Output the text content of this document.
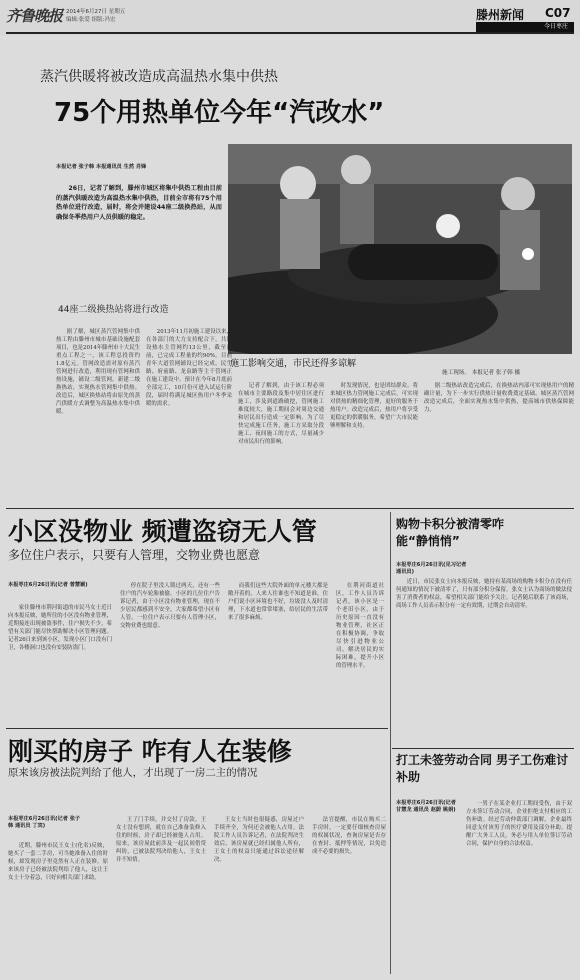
齐鲁晚报 2014年6月27日 星期五
编辑:张爱 组版:冯宏	滕州新闻 C07
今日枣庄
蒸汽供暖将被改造成高温热水集中供热
75个用热单位今年“汽改水”
本报记者 张子韩 本报通讯员 生然 肖锋
26日，记者了解到，滕州市城区将集中供热工程由目前的蒸汽供暖改造为高温热水集中供热，目前全市将有75个用热单位进行改造，届时，将会并建设44座二级换热站，从而确保冬季热用户人员供暖的稳定。
44座二级换热站将进行改造
施工影响交通，市民还得多谅解
施工现场。 本报记者 张子韩 摄
据了解，城区蒸汽管网集中供热工程由滕州市城市基础设施配套项目，也是2014年滕州市十大民生重点工程之一，该工程总投资约1.8亿元。管网改造需对原有蒸汽管网进行改造，利用现有管网和供热设施，铺设二级管网，新建二级换热站，实现热水管网集中供热。改造后，城区换热站将由原先的蒸汽供暖方式调整为高温热水集中供暖。
2013年11月初施工建设以来，在各部门的大力支持配合下，共铺设热水主管网约13公里，截至目前，已完成工程量的约90%。目前青年大道管网铺设已经完成，民生路、府前路、龙泉路等主干管网正在施工建设中。预计在今年8月底前全部完工，10月份可进入试运行阶段，届时将满足城区热用户冬季采暖的需求。
记者了解到，由于该工程必须在城市主要路段及集中居住区进行施工，涉及到道路破挖，管网施工难度较大，施工期间会对周边交通和居民出行造成一定影响。为了尽快完成施工任务，施工方采取分段施工、夜间施工的方式，尽量减少对市民出行的影响。
时发现情况，也是团结群众。将来城区热力管网施工完成后，可实现对供热的精细化管理，更好的服务于热用户。改造完成后，热用户将享受更稳定的供暖服务，希望广大市民能够理解和支持。
据二级热站改造完成后，在换热站内部可实现热用户的精确计量，为下一步实行供热计量收费奠定基础。城区蒸汽管网改造完成后，全面实现热水集中供热，提高城市供热保障能力。
小区没物业 频遭盗窃无人管
多位住户表示，只要有人管理，交物业费也愿意
本报枣庄6月26日讯(记者 曾慧颖)
家住滕州市荆河街道的市民马女士近日向本报反映，她所住的小区没有物业管理，近期接连出现被盗事件，住户损失不少，希望有关部门能尽快帮助解决小区管理问题。记者26日来到该小区，发现小区门口没有门卫，各楼洞口也没有安装防盗门。
停在院子里没人锁过两天，还有一些住户的汽车轮胎被偷，小区的几位住户告诉记者，由于小区没有物业管理，现在不少居民都感到不安全，大家都希望小区有人管。一位住户表示只要有人管理小区，交物业费也愿意。
而我们这些大院外面的单元楼大都是敞开着的，人来人往谁也不知道是谁，住户们说小区环境也不好，垃圾没人及时清理，下水道也常常堵塞，给居民的生活带来了很多麻烦。
在荆河街道社区，工作人员告诉记者，该小区是一个老旧小区，由于历史原因一直没有物业管理，社区正在积极协调，争取尽快引进物业公司，解决居民的实际困难，提升小区的管理水平。
购物卡积分被清零咋能“静悄悄”
本报枣庄6月26日讯(见习记者 通讯员)
近日，市民张女士向本报反映，她持有某商场的购物卡积分在没有任何通知的情况下被清零了，只有部分积分保留。张女士认为商场的做法侵害了消费者的权益，希望相关部门能给予关注。记者随后联系了该商场，商场工作人员表示积分有一定有效期，过期会自动清零。
刚买的房子 咋有人在装修
原来该房被法院判给了他人，才出现了一房二主的情况
本报枣庄6月26日讯(记者 张子韩 通讯员 丁宾)
近期，滕州市民王女士(化名)反映，她买了一套二手房，可当她准备入住的时候，却发现房子里竟然有人正在装修。原来该房子已经被法院判给了他人，这让王女士十分着急，只好向相关部门求助。
王了门手续，并交付了房款。王女士没有想到，就在自己准备装修入住的时候，房子却已经被他人占用。原来，该房屋此前涉及一起民间借贷纠纷，已被法院判决给他人，王女士并不知情。
王女士当时也很疑惑，房屋过户手续齐全，为何还会被他人占用。法院工作人员告诉记者，在法院判决生效后，该房屋就已经归属他人所有，王女士的权益只能通过诉讼途径解决。
法官提醒，市民在购买二手房时，一定要仔细核查房屋的权属状况，查询房屋是否存在查封、抵押等情况，以免造成不必要的损失。
打工未签劳动合同 男子工伤难讨补助
本报枣庄6月26日讯(记者 甘慧龙 通讯员 赵蔚 姚娟)
一男子在某企业打工期间受伤，由于双方未签订劳动合同，企业拒绝支付相应的工伤补助。经过劳动仲裁部门调解，企业最终同意支付该男子的医疗费用及部分补助。提醒广大务工人员，务必与用人单位签订劳动合同，保护自身的合法权益。
